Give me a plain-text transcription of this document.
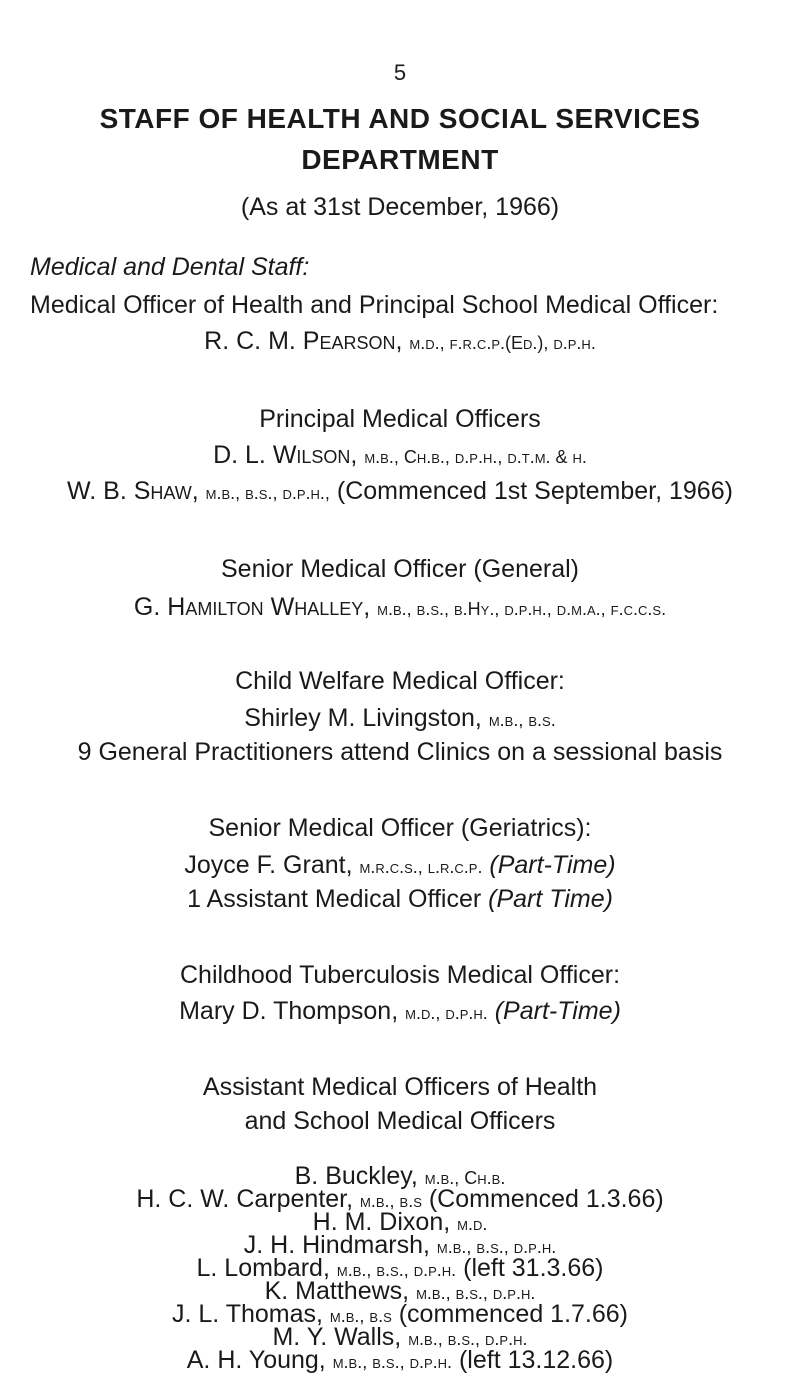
5
STAFF OF HEALTH AND SOCIAL SERVICES
DEPARTMENT
(As at 31st December, 1966)
Medical and Dental Staff:
Medical Officer of Health and Principal School Medical Officer:
R. C. M. Pearson, m.d., f.r.c.p.(Ed.), d.p.h.
Principal Medical Officers
D. L. Wilson, m.b., Ch.b., d.p.h., d.t.m. & h.
W. B. Shaw, m.b., b.s., d.p.h., (Commenced 1st September, 1966)
Senior Medical Officer (General)
G. Hamilton Whalley, m.b., b.s., b.Hy., d.p.h., d.m.a., f.c.c.s.
Child Welfare Medical Officer:
Shirley M. Livingston, m.b., b.s.
9 General Practitioners attend Clinics on a sessional basis
Senior Medical Officer (Geriatrics):
Joyce F. Grant, m.r.c.s., l.r.c.p. (Part-Time)
1 Assistant Medical Officer (Part Time)
Childhood Tuberculosis Medical Officer:
Mary D. Thompson, m.d., d.p.h. (Part-Time)
Assistant Medical Officers of Health
and School Medical Officers
B. Buckley, m.b., Ch.b.
H. C. W. Carpenter, m.b., b.s (Commenced 1.3.66)
H. M. Dixon, m.d.
J. H. Hindmarsh, m.b., b.s., d.p.h.
L. Lombard, m.b., b.s., d.p.h. (left 31.3.66)
K. Matthews, m.b., b.s., d.p.h.
J. L. Thomas, m.b., b.s (commenced 1.7.66)
M. Y. Walls, m.b., b.s., d.p.h.
A. H. Young, m.b., b.s., d.p.h. (left 13.12.66)
